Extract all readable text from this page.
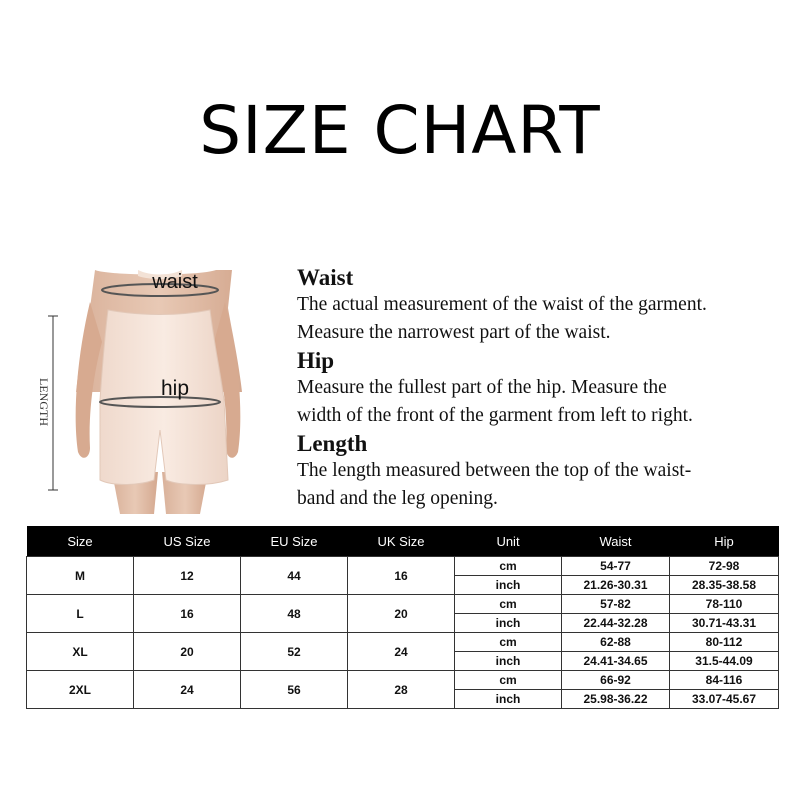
SIZE CHART
LENGTH
waist
hip

Waist

The actual measurement of the waist of the garment.

Measure the narrowest part of the waist.

Hip

Measure the fullest part of the hip. Measure the

width of the front of the garment from left to right.

Length

The length measured between the top of the waist-

band and the leg opening.

Size	US Size	EU Size	UK Size	Unit	Waist	Hip
M	12	44	16	cm	54-77	72-98
				inch	21.26-30.31	28.35-38.58
L	16	48	20	cm	57-82	78-110
				inch	22.44-32.28	30.71-43.31
XL	20	52	24	cm	62-88	80-112
				inch	24.41-34.65	31.5-44.09
2XL	24	56	28	cm	66-92	84-116
				inch	25.98-36.22	33.07-45.67
